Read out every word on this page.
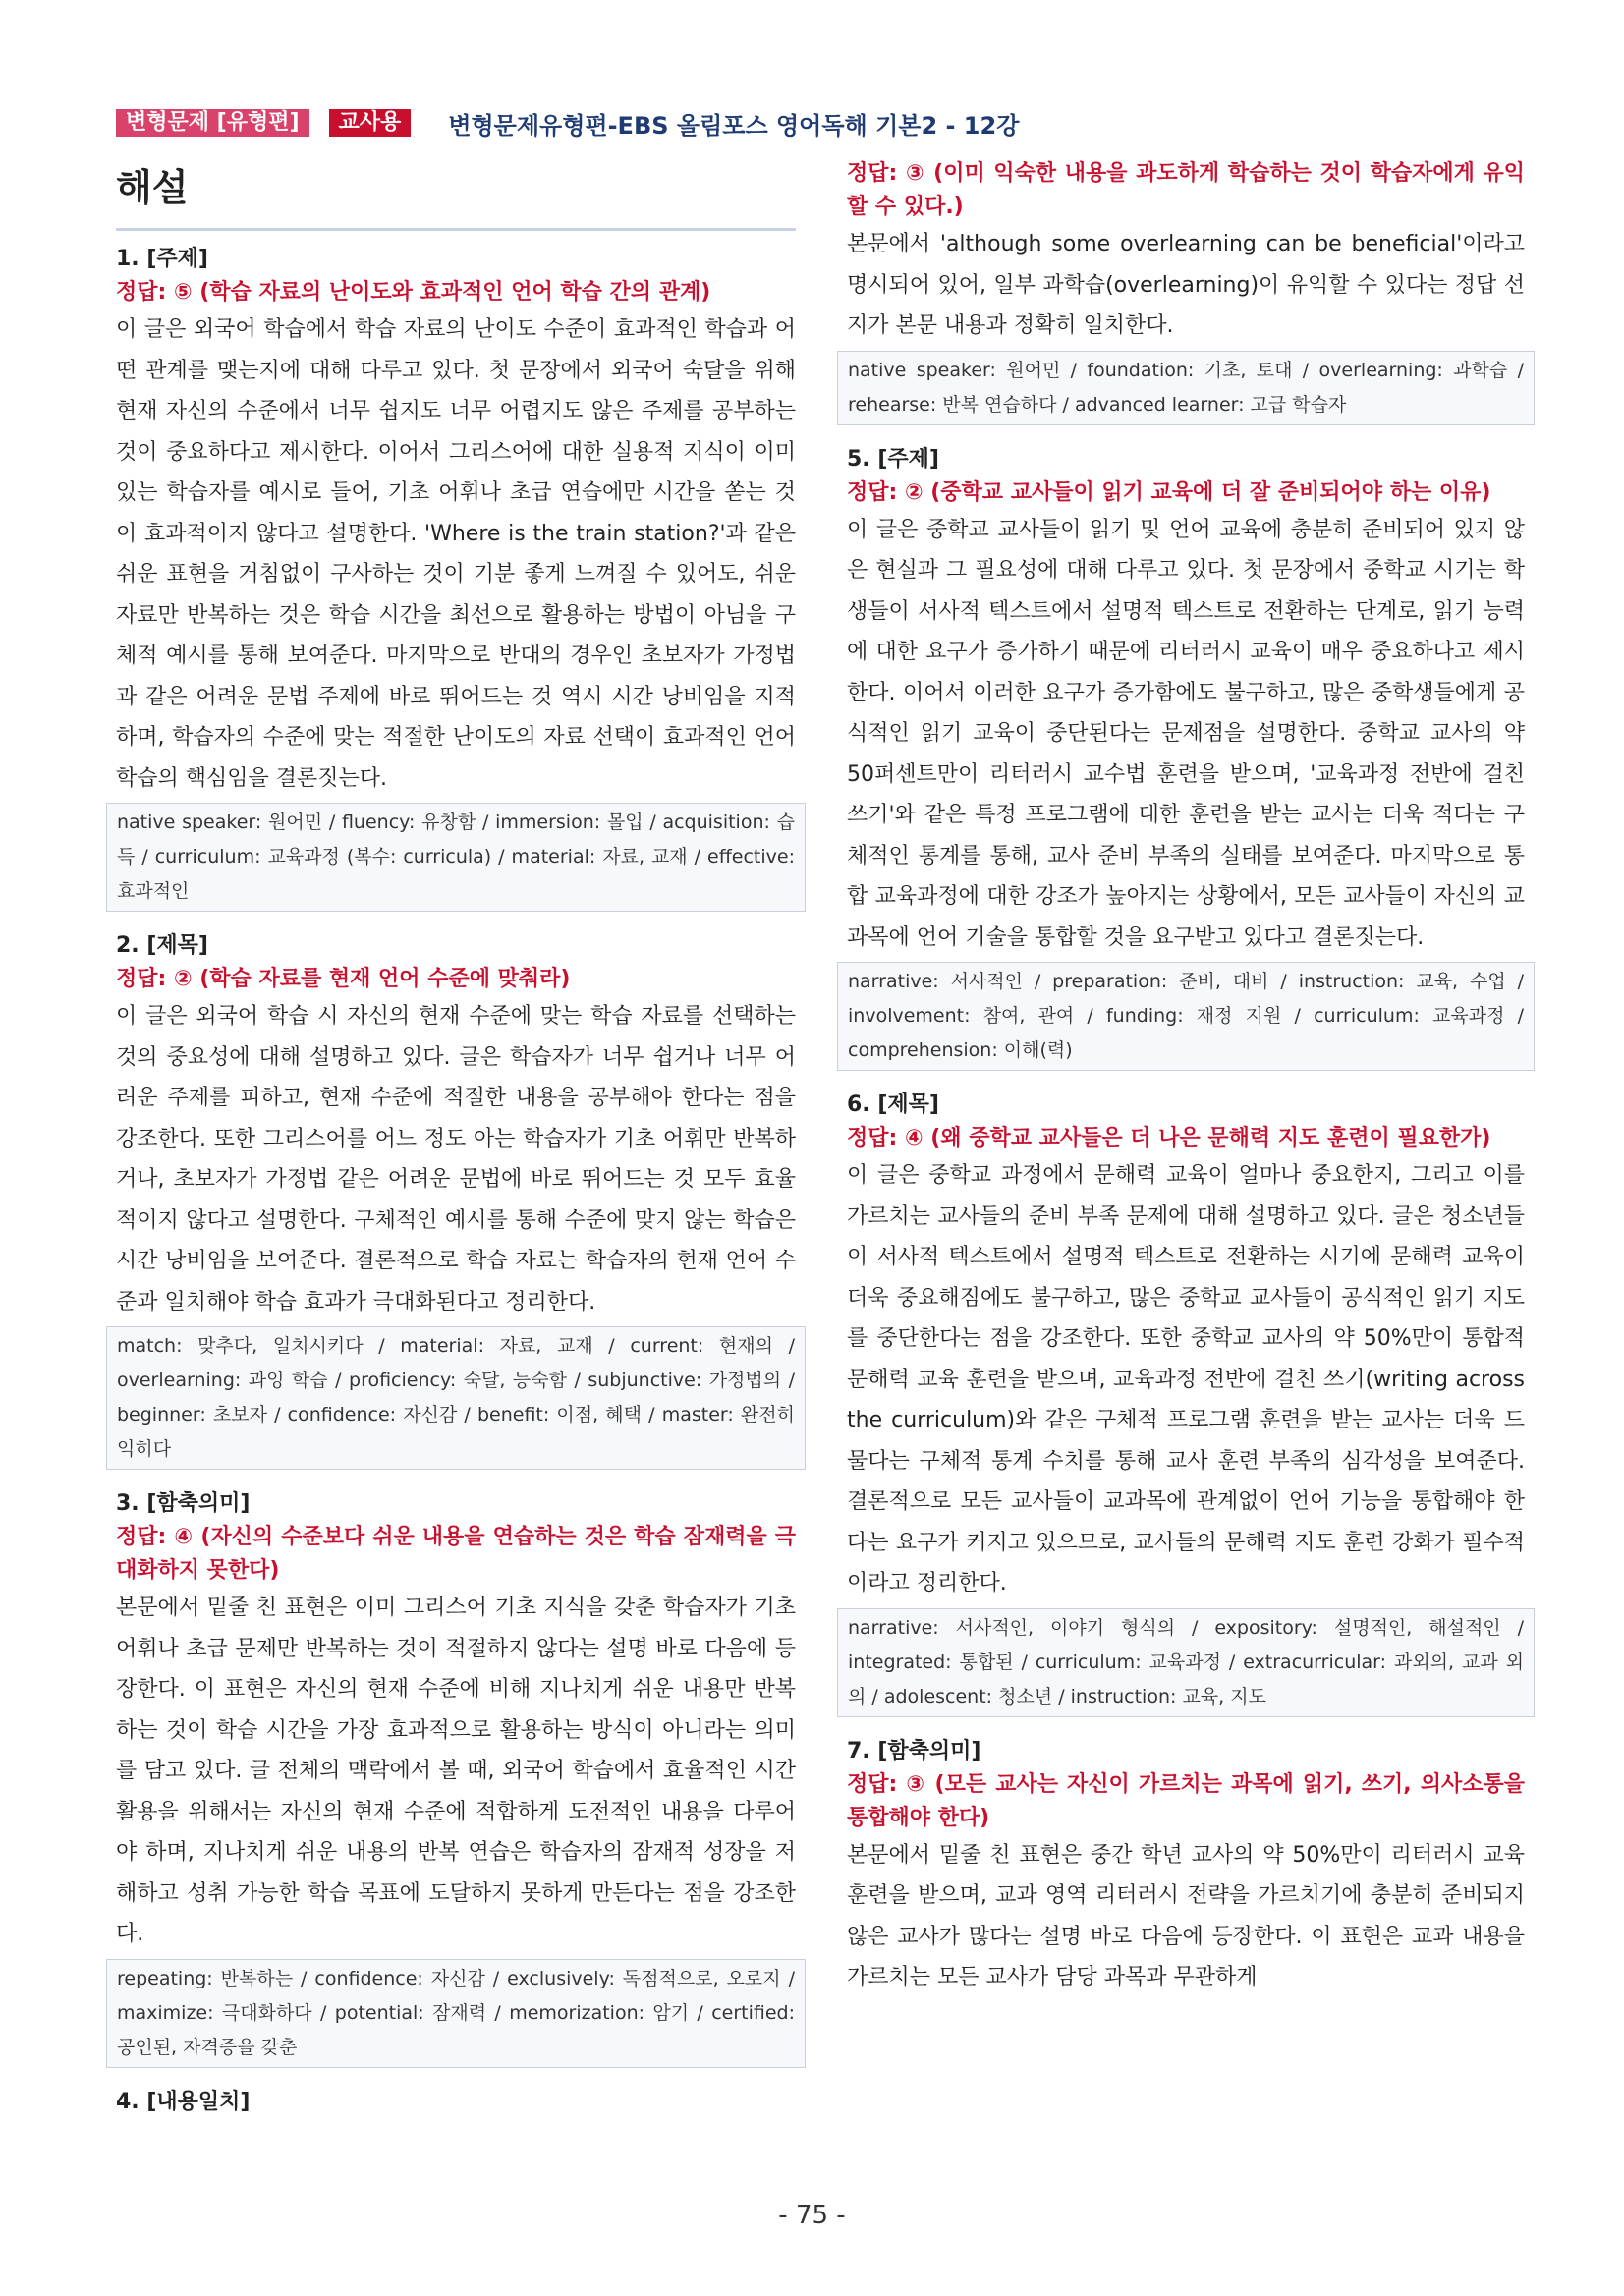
변형문제 [유형편]	교사용	변형문제유형편-EBS 올림포스 영어독해 기본2 - 12강
해설
1. [주제]
정답: ⑤ (학습 자료의 난이도와 효과적인 언어 학습 간의 관계)

이 글은 외국어 학습에서 학습 자료의 난이도 수준이 효과적인 학습과 어떤 관계를 맺는지에 대해 다루고 있다. 첫 문장에서 외국어 숙달을 위해 현재 자신의 수준에서 너무 쉽지도 너무 어렵지도 않은 주제를 공부하는 것이 중요하다고 제시한다. 이어서 그리스어에 대한 실용적 지식이 이미 있는 학습자를 예시로 들어, 기초 어휘나 초급 연습에만 시간을 쏟는 것이 효과적이지 않다고 설명한다. 'Where is the train station?'과 같은 쉬운 표현을 거침없이 구사하는 것이 기분 좋게 느껴질 수 있어도, 쉬운 자료만 반복하는 것은 학습 시간을 최선으로 활용하는 방법이 아님을 구체적 예시를 통해 보여준다. 마지막으로 반대의 경우인 초보자가 가정법과 같은 어려운 문법 주제에 바로 뛰어드는 것 역시 시간 낭비임을 지적하며, 학습자의 수준에 맞는 적절한 난이도의 자료 선택이 효과적인 언어 학습의 핵심임을 결론짓는다.

native speaker: 원어민 / fluency: 유창함 / immersion: 몰입 / acquisition: 습득 / curriculum: 교육과정 (복수: curricula) / material: 자료, 교재 / effective: 효과적인
2. [제목]
정답: ② (학습 자료를 현재 언어 수준에 맞춰라)

이 글은 외국어 학습 시 자신의 현재 수준에 맞는 학습 자료를 선택하는 것의 중요성에 대해 설명하고 있다. 글은 학습자가 너무 쉽거나 너무 어려운 주제를 피하고, 현재 수준에 적절한 내용을 공부해야 한다는 점을 강조한다. 또한 그리스어를 어느 정도 아는 학습자가 기초 어휘만 반복하거나, 초보자가 가정법 같은 어려운 문법에 바로 뛰어드는 것 모두 효율적이지 않다고 설명한다. 구체적인 예시를 통해 수준에 맞지 않는 학습은 시간 낭비임을 보여준다. 결론적으로 학습 자료는 학습자의 현재 언어 수준과 일치해야 학습 효과가 극대화된다고 정리한다.

match: 맞추다, 일치시키다 / material: 자료, 교재 / current: 현재의 / overlearning: 과잉 학습 / proficiency: 숙달, 능숙함 / subjunctive: 가정법의 / beginner: 초보자 / confidence: 자신감 / benefit: 이점, 혜택 / master: 완전히 익히다
3. [함축의미]
정답: ④ (자신의 수준보다 쉬운 내용을 연습하는 것은 학습 잠재력을 극대화하지 못한다)

본문에서 밑줄 친 표현은 이미 그리스어 기초 지식을 갖춘 학습자가 기초 어휘나 초급 문제만 반복하는 것이 적절하지 않다는 설명 바로 다음에 등장한다. 이 표현은 자신의 현재 수준에 비해 지나치게 쉬운 내용만 반복하는 것이 학습 시간을 가장 효과적으로 활용하는 방식이 아니라는 의미를 담고 있다. 글 전체의 맥락에서 볼 때, 외국어 학습에서 효율적인 시간 활용을 위해서는 자신의 현재 수준에 적합하게 도전적인 내용을 다루어야 하며, 지나치게 쉬운 내용의 반복 연습은 학습자의 잠재적 성장을 저해하고 성취 가능한 학습 목표에 도달하지 못하게 만든다는 점을 강조한다.

repeating: 반복하는 / confidence: 자신감 / exclusively: 독점적으로, 오로지 / maximize: 극대화하다 / potential: 잠재력 / memorization: 암기 / certified: 공인된, 자격증을 갖춘
4. [내용일치]
정답: ③ (이미 익숙한 내용을 과도하게 학습하는 것이 학습자에게 유익할 수 있다.)

본문에서 'although some overlearning can be beneficial'이라고 명시되어 있어, 일부 과학습(overlearning)이 유익할 수 있다는 정답 선지가 본문 내용과 정확히 일치한다.

native speaker: 원어민 / foundation: 기초, 토대 / overlearning: 과학습 / rehearse: 반복 연습하다 / advanced learner: 고급 학습자
5. [주제]
정답: ② (중학교 교사들이 읽기 교육에 더 잘 준비되어야 하는 이유)

이 글은 중학교 교사들이 읽기 및 언어 교육에 충분히 준비되어 있지 않은 현실과 그 필요성에 대해 다루고 있다. 첫 문장에서 중학교 시기는 학생들이 서사적 텍스트에서 설명적 텍스트로 전환하는 단계로, 읽기 능력에 대한 요구가 증가하기 때문에 리터러시 교육이 매우 중요하다고 제시한다. 이어서 이러한 요구가 증가함에도 불구하고, 많은 중학생들에게 공식적인 읽기 교육이 중단된다는 문제점을 설명한다. 중학교 교사의 약 50퍼센트만이 리터러시 교수법 훈련을 받으며, '교육과정 전반에 걸친 쓰기'와 같은 특정 프로그램에 대한 훈련을 받는 교사는 더욱 적다는 구체적인 통계를 통해, 교사 준비 부족의 실태를 보여준다. 마지막으로 통합 교육과정에 대한 강조가 높아지는 상황에서, 모든 교사들이 자신의 교과목에 언어 기술을 통합할 것을 요구받고 있다고 결론짓는다.

narrative: 서사적인 / preparation: 준비, 대비 / instruction: 교육, 수업 / involvement: 참여, 관여 / funding: 재정 지원 / curriculum: 교육과정 / comprehension: 이해(력)
6. [제목]
정답: ④ (왜 중학교 교사들은 더 나은 문해력 지도 훈련이 필요한가)

이 글은 중학교 과정에서 문해력 교육이 얼마나 중요한지, 그리고 이를 가르치는 교사들의 준비 부족 문제에 대해 설명하고 있다. 글은 청소년들이 서사적 텍스트에서 설명적 텍스트로 전환하는 시기에 문해력 교육이 더욱 중요해짐에도 불구하고, 많은 중학교 교사들이 공식적인 읽기 지도를 중단한다는 점을 강조한다. 또한 중학교 교사의 약 50%만이 통합적 문해력 교육 훈련을 받으며, 교육과정 전반에 걸친 쓰기(writing across the curriculum)와 같은 구체적 프로그램 훈련을 받는 교사는 더욱 드물다는 구체적 통계 수치를 통해 교사 훈련 부족의 심각성을 보여준다. 결론적으로 모든 교사들이 교과목에 관계없이 언어 기능을 통합해야 한다는 요구가 커지고 있으므로, 교사들의 문해력 지도 훈련 강화가 필수적이라고 정리한다.

narrative: 서사적인, 이야기 형식의 / expository: 설명적인, 해설적인 / integrated: 통합된 / curriculum: 교육과정 / extracurricular: 과외의, 교과 외의 / adolescent: 청소년 / instruction: 교육, 지도
7. [함축의미]
정답: ③ (모든 교사는 자신이 가르치는 과목에 읽기, 쓰기, 의사소통을 통합해야 한다)

본문에서 밑줄 친 표현은 중간 학년 교사의 약 50%만이 리터러시 교육 훈련을 받으며, 교과 영역 리터러시 전략을 가르치기에 충분히 준비되지 않은 교사가 많다는 설명 바로 다음에 등장한다. 이 표현은 교과 내용을 가르치는 모든 교사가 담당 과목과 무관하게

- 75 -
